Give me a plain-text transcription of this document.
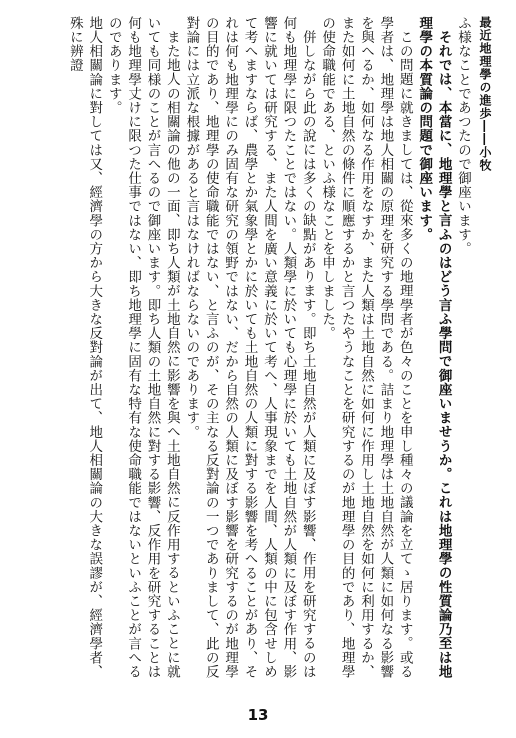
最近地理學の進歩――小牧

ふ様なことであつたので御座います。

それでは、本當に、地理學と言ふのはどう言ふ學問で御座いませうか。これは地理學の性質論乃至は地理學の本質論の問題で御座います。

この問題に就きましては、從來多くの地理學者が色々のことを申し種々の議論を立てゝ居ります。或る學者は、地理學は地人相關の原理を研究する學問である。詰まり地理學は土地自然が人類に如何なる影響を與へるか、如何なる作用をなすか、また人類は土地自然に如何に作用し土地自然を如何に利用するか、また如何に土地自然の條件に順應するかと言つたやうなことを研究するのが地理學の目的であり、地理學の使命職能である、といふ様なことを申しました。

併しながら此の說には多くの缺點があります。即ち土地自然が人類に及ぼす影響、作用を研究するのは何も地理學に限つたことではない。人類學に於いても心理學に於いても土地自然が人類に及ぼす作用、影響に就いては研究する、また人間を廣い意義に於いて考へ、人事現象までを人間、人類の中に包含せしめて考へますならば、農學とか氣象學とかに於いても土地自然の人類に對する影響を考へることがあり、それは何も地理學にのみ固有な研究の領野ではない、だから自然の人類に及ぼす影響を研究するのが地理學の目的であり、地理學の使命職能ではない、と言ふのが、その主なる反對論の一つでありまして、此の反對論には立派な根據があると言はなければならないのであります。

また地人の相關論の他の一面、即ち人類が土地自然に影響を與へ土地自然に反作用するといふことに就いても同様のことが言へるので御座います。即ち人類の土地自然に對する影響、反作用を研究することは何も地理學丈けに限つた仕事ではない、即ち地理學に固有な特有な使命職能ではないといふことが言へるのであります。

地人相關論に對しては又、經濟學の方から大きな反對論が出て、地人相關論の大きな誤謬が、經濟學者、殊に辨證

13
